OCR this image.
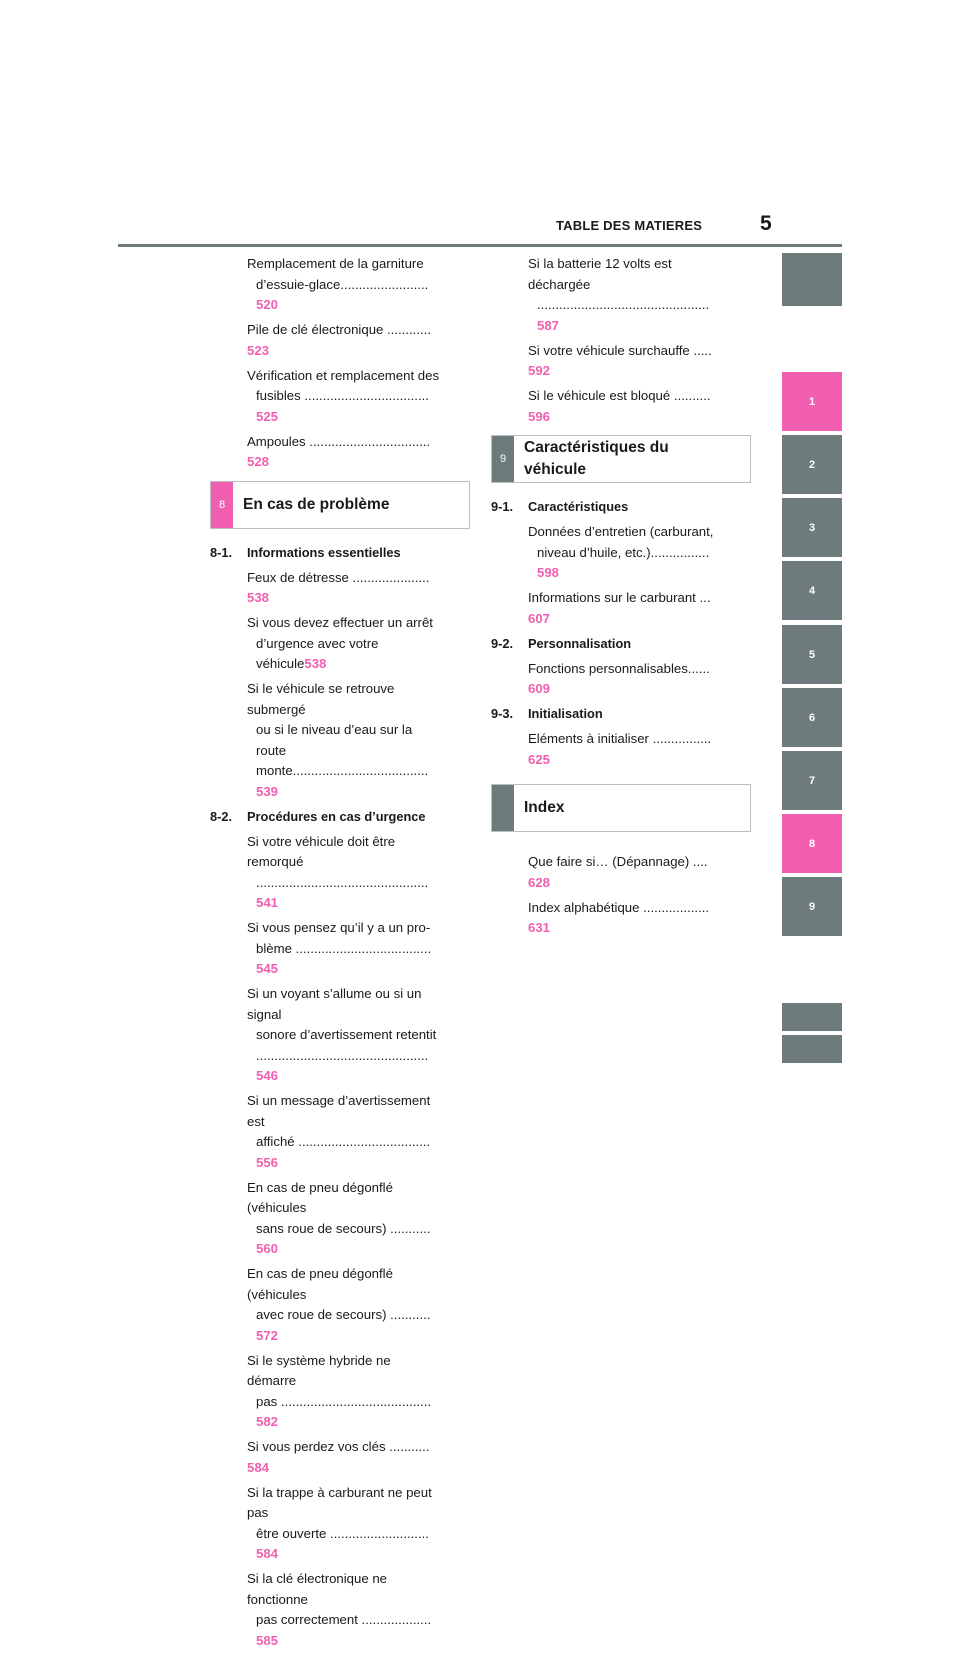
TABLE DES MATIERES	5
1
2
3
4
5
6
7
8
9
Remplacement de la garniture
d’essuie-glace........................ 520
Pile de clé électronique ............ 523
Vérification et remplacement des
fusibles .................................. 525
Ampoules ................................. 528
8	En cas de problème
8-1. Informations essentielles
Feux de détresse ..................... 538
Si vous devez effectuer un arrêt
d’urgence avec votre véhicule538
Si le véhicule se retrouve submergé
ou si le niveau d’eau sur la route
monte..................................... 539
8-2. Procédures en cas d’urgence
Si votre véhicule doit être remorqué
............................................... 541
Si vous pensez qu’il y a un pro-
blème ..................................... 545
Si un voyant s’allume ou si un signal
sonore d’avertissement retentit
............................................... 546
Si un message d’avertissement est
affiché .................................... 556
En cas de pneu dégonflé (véhicules
sans roue de secours) ........... 560
En cas de pneu dégonflé (véhicules
avec roue de secours) ........... 572
Si le système hybride ne démarre
pas ......................................... 582
Si vous perdez vos clés ........... 584
Si la trappe à carburant ne peut pas
être ouverte ........................... 584
Si la clé électronique ne fonctionne
pas correctement ................... 585
Si la batterie 12 volts est déchargée
............................................... 587
Si votre véhicule surchauffe ..... 592
Si le véhicule est bloqué .......... 596
9
Caractéristiques du
véhicule
9-1. Caractéristiques
Données d’entretien (carburant,
niveau d’huile, etc.)................ 598
Informations sur le carburant ... 607
9-2. Personnalisation
Fonctions personnalisables...... 609
9-3. Initialisation
Eléments à initialiser ................ 625
Index
Que faire si… (Dépannage) .... 628
Index alphabétique .................. 631
